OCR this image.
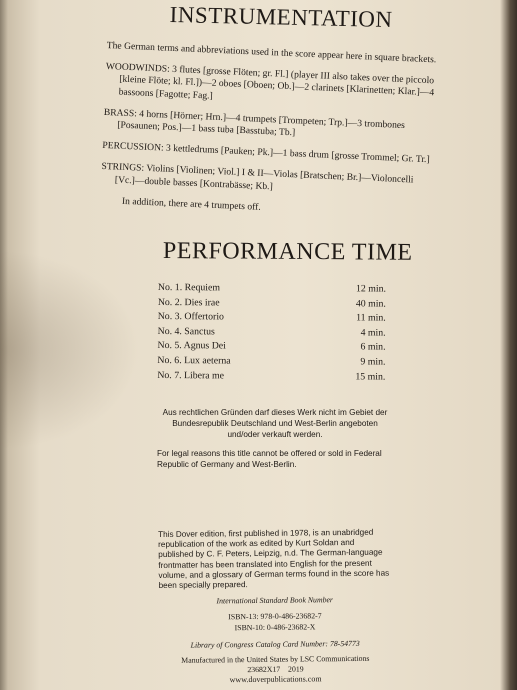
INSTRUMENTATION

The German terms and abbreviations used in the score appear here in square brackets.

WOODWINDS: 3 flutes [grosse Flöten; gr. Fl.] (player III also takes over the piccolo [kleine Flöte; kl. Fl.])—2 oboes [Oboen; Ob.]—2 clarinets [Klarinetten; Klar.]—4 bassoons [Fagotte; Fag.]

BRASS: 4 horns [Hörner; Hrn.]—4 trumpets [Trompeten; Trp.]—3 trombones [Posaunen; Pos.]—1 bass tuba [Basstuba; Tb.]

PERCUSSION: 3 kettledrums [Pauken; Pk.]—1 bass drum [grosse Trommel; Gr. Tr.]

STRINGS: Violins [Violinen; Viol.] I & II—Violas [Bratschen; Br.]—Violoncelli [Vc.]—double basses [Kontrabässe; Kb.]

In addition, there are 4 trumpets off.

PERFORMANCE TIME
No. 1. Requiem	12 min.
No. 2. Dies irae	40 min.
No. 3. Offertorio	11 min.
No. 4. Sanctus	4 min.
No. 5. Agnus Dei	6 min.
No. 6. Lux aeterna	9 min.
No. 7. Libera me	15 min.

Aus rechtlichen Gründen darf dieses Werk nicht im Gebiet der Bundesrepublik Deutschland und West-Berlin angeboten und/oder verkauft werden.

For legal reasons this title cannot be offered or sold in Federal Republic of Germany and West-Berlin.

This Dover edition, first published in 1978, is an unabridged republication of the work as edited by Kurt Soldan and published by C. F. Peters, Leipzig, n.d. The German-language frontmatter has been translated into English for the present volume, and a glossary of German terms found in the score has been specially prepared.

International Standard Book Number

ISBN-13: 978-0-486-23682-7

ISBN-10: 0-486-23682-X

Library of Congress Catalog Card Number: 78-54773

Manufactured in the United States by LSC Communications

23682X17    2019

www.doverpublications.com
